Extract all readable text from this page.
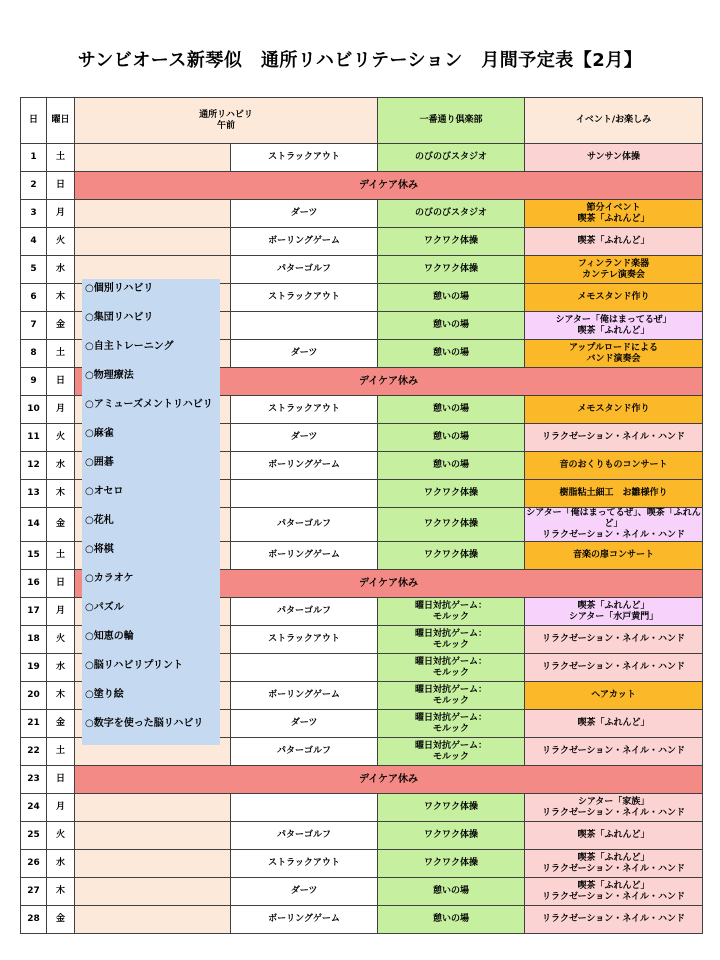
サンビオース新琴似　通所リハビリテーション　月間予定表【2月】
日	曜日	通所リハビリ
午前		一番通り倶楽部	イベント/お楽しみ
1	土		ストラックアウト	のびのびスタジオ	サンサン体操
2	日	デイケア休み			
3	月		ダーツ	のびのびスタジオ	節分イベント
喫茶「ふれんど」
4	火		ボーリングゲーム	ワクワク体操	喫茶「ふれんど」
5	水		パターゴルフ	ワクワク体操	フィンランド楽器
カンテレ演奏会
6	木		ストラックアウト	憩いの場	メモスタンド作り
7	金			憩いの場	シアター「俺はまってるぜ」
喫茶「ふれんど」
8	土		ダーツ	憩いの場	アップルロードによる
バンド演奏会
9	日	デイケア休み			
10	月		ストラックアウト	憩いの場	メモスタンド作り
11	火		ダーツ	憩いの場	リラクゼーション・ネイル・ハンド
12	水		ボーリングゲーム	憩いの場	音のおくりものコンサート
13	木			ワクワク体操	樹脂粘土細工　お雛様作り
14	金		パターゴルフ	ワクワク体操	シアター「俺はまってるぜ」、喫茶「ふれんど」
リラクゼーション・ネイル・ハンド
15	土		ボーリングゲーム	ワクワク体操	音楽の扉コンサート
16	日	デイケア休み			
17	月		パターゴルフ	曜日対抗ゲーム：
モルック	喫茶「ふれんど」
シアター「水戸黄門」
18	火		ストラックアウト	曜日対抗ゲーム：
モルック	リラクゼーション・ネイル・ハンド
19	水			曜日対抗ゲーム：
モルック	リラクゼーション・ネイル・ハンド
20	木		ボーリングゲーム	曜日対抗ゲーム：
モルック	ヘアカット
21	金		ダーツ	曜日対抗ゲーム：
モルック	喫茶「ふれんど」
22	土		パターゴルフ	曜日対抗ゲーム：
モルック	リラクゼーション・ネイル・ハンド
23	日	デイケア休み			
24	月			ワクワク体操	シアター「家族」
リラクゼーション・ネイル・ハンド
25	火		パターゴルフ	ワクワク体操	喫茶「ふれんど」
26	水		ストラックアウト	ワクワク体操	喫茶「ふれんど」
リラクゼーション・ネイル・ハンド
27	木		ダーツ	憩いの場	喫茶「ふれんど」
リラクゼーション・ネイル・ハンド
28	金		ボーリングゲーム	憩いの場	リラクゼーション・ネイル・ハンド
○個別リハビリ
○集団リハビリ
○自主トレーニング
○物理療法
○アミューズメントリハビリ
○麻雀
○囲碁
○オセロ
○花札
○将棋
○カラオケ
○パズル
○知恵の輪
○脳リハビリプリント
○塗り絵
○数字を使った脳リハビリ
